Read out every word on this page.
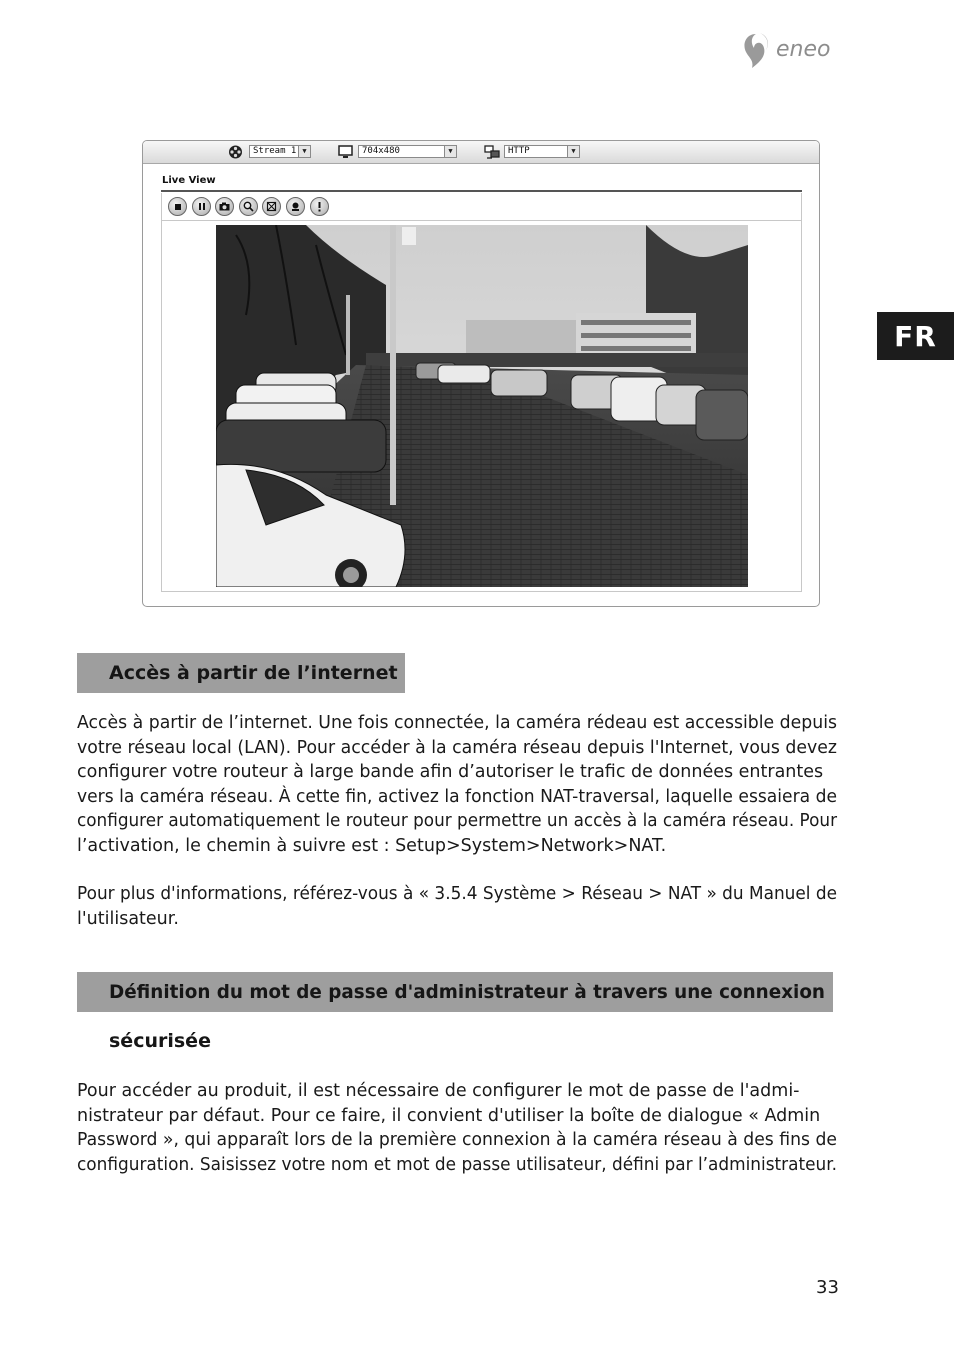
eneo
FR
Stream 1 ▼	704x480	▼	HTTP	▼
Live View
Accès à partir de l’internet
Accès à partir de l’internet. Une fois connectée, la caméra rédeau est accessible depuis
votre réseau local (LAN). Pour accéder à la caméra réseau depuis l'Internet, vous devez
configurer votre routeur à large bande afin d’autoriser le trafic de données entrantes
vers la caméra réseau. À cette fin, activez la fonction NAT-traversal, laquelle essaiera de
configurer automatiquement le routeur pour permettre un accès à la caméra réseau. Pour
l’activation, le chemin à suivre est : Setup>System>Network>NAT.
Pour plus d'informations, référez-vous à « 3.5.4 Système > Réseau > NAT » du Manuel de
l'utilisateur.
Définition du mot de passe d'administrateur à travers une connexion
sécurisée
Pour accéder au produit, il est nécessaire de configurer le mot de passe de l'admi-
nistrateur par défaut. Pour ce faire, il convient d'utiliser la boîte de dialogue « Admin
Password », qui apparaît lors de la première connexion à la caméra réseau à des fins de
configuration. Saisissez votre nom et mot de passe utilisateur, défini par l’administrateur.
33
